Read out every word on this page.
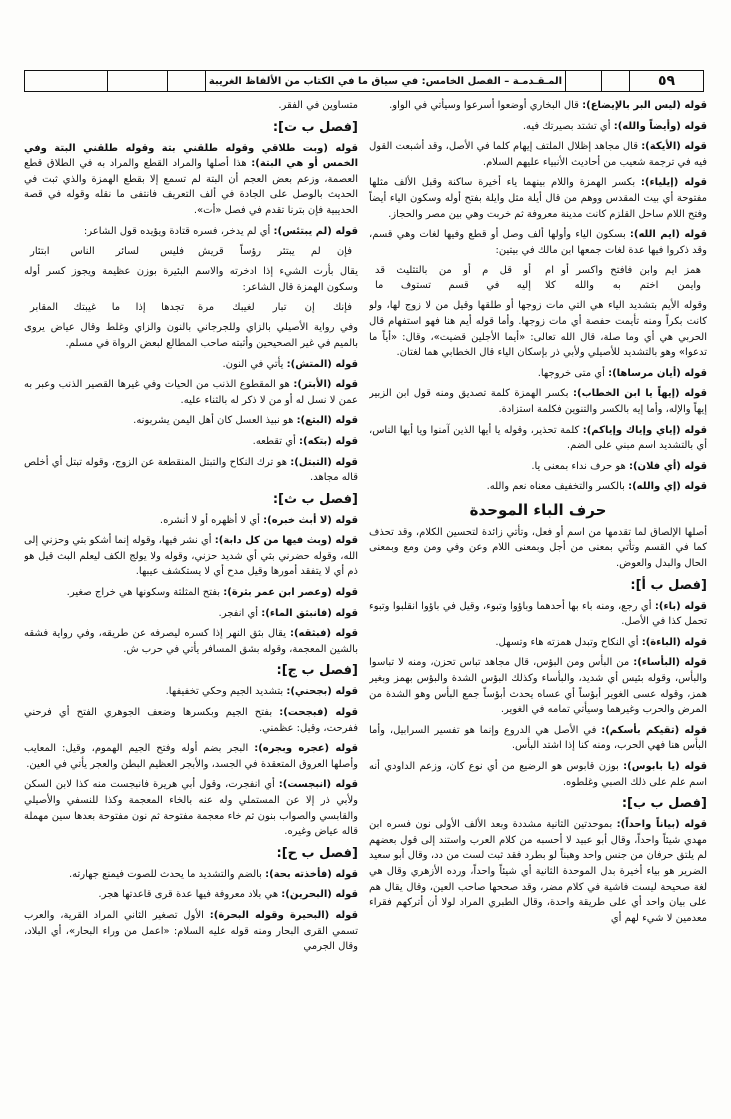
٥٩
المـقـدمـة – الفصل الخامس: في سياق ما في الكتاب من الألفاظ الغريبة

قوله (ليس البر بالإيضاع): قال البخاري أوضعوا أسرعوا وسيأتي في الواو.

قوله (وأيضاً والله): أي تشتد بصيرتك فيه.

قوله (الأيكة): قال مجاهد إظلال الملتف إيهام كلما في الأصل، وقد أشبعت القول فيه في ترجمة شعيب من أحاديث الأنبياء عليهم السلام.

قوله (إيلياء): بكسر الهمزة واللام بينهما ياء أخيرة ساكنة وقبل الألف مثلها مفتوحة أي بيت المقدس ووهم من قال أيلة مثل وايلة بفتح أوله وسكون الياء أيضاً وفتح اللام ساحل القلزم كانت مدينة معروفة ثم خربت وهي بين مصر والحجاز.

قوله (ايم الله): بسكون الياء وأولها ألف وصل أو قطع وفيها لغات وهي قسم، وقد ذكروا فيها عدة لغات جمعها ابن مالك في بيتين:

همز ايم وابن فافتح واكسر أو ام
أو قل م أو من بالتثليث قد
وايمن اختم به والله كلا
إليه في قسم تستوف ما

وقوله الأيم بتشديد الياء هي التي مات زوجها أو طلقها وقيل من لا زوج لها، ولو كانت بكراً ومنه تأيمت حفصة أي مات زوجها. وأما قوله أيم هنا فهو استفهام قال الحربي هي أي وما صلة، قال الله تعالى: «أيما الأجلين قضيت»، وقال: «أياً ما تدعوا» وهو بالتشديد للأصيلي ولأبي ذر بإسكان الياء قال الخطابي هما لغتان.

قوله (أيان مرساها): أي متى خروجها.

قوله (إيهاً يا ابن الخطاب): بكسر الهمزة كلمة تصديق ومنه قول ابن الزبير إيهاً والإله، وأما إيه بالكسر والتنوين فكلمة استزادة.

قوله (إياي وإياك وإياكم): كلمة تحذير، وقوله يا أيها الذين آمنوا ويا أيها الناس، أي بالتشديد اسم مبني على الضم.

قوله (أي فلان): هو حرف نداء بمعنى يا.

قوله (إي والله): بالكسر والتخفيف معناه نعم والله.

حرف الباء الموحدة

أصلها الإلصاق لما تقدمها من اسم أو فعل، وتأتي زائدة لتحسين الكلام، وقد تحذف كما في القسم وتأتي بمعنى من أجل وبمعنى اللام وعن وفي ومن ومع وبمعنى الحال والبدل والعوض.

[فصل ب أ]:

قوله (باء): أي رجع، ومنه باء بها أحدهما وباؤوا وتبوء، وقيل في باؤوا انقلبوا وتبوء تحمل كذا في الأصل.

قوله (الباءة): أي النكاح وتبدل همزته هاء وتسهل.

قوله (البأساء): من البأس ومن البؤس، قال مجاهد تباس تحزن، ومنه لا تباسوا والبأس، وقوله بئيس أي شديد، والبأساء وكذلك البؤس الشدة والبؤس بهمز وبغير همز، وقوله عسى الغوير أبؤساً أي عساه يحدث أبؤساً جمع البأس وهو الشدة من المرض والحرب وغيرهما وسيأتي تمامه في الغوير.

قوله (تقيكم بأسكم): في الأصل هي الدروع وإنما هو تفسير السرابيل، وأما البأس هنا فهي الحرب، ومنه كنا إذا اشتد البأس.

قوله (يا بابوس): بوزن قابوس هو الرضيع من أي نوع كان، وزعم الداودي أنه اسم علم على ذلك الصبي وغلطوه.

[فصل ب ب]:

قوله (بياناً واحداً): بموحدتين الثانية مشددة وبعد الألف الأولى نون فسره ابن مهدي شيئاً واحداً، وقال أبو عبيد لا أحسبه من كلام العرب واستند إلى قول بعضهم لم يلتق حرفان من جنس واحد وهبناً لو بطرد فقد ثبت لست من دد، وقال أبو سعيد الضرير هو بياء أخيرة بدل الموحدة الثانية أي شيئاً واحداً، ورده الأزهري وقال هي لغة صحيحة ليست فاشية في كلام مضر، وقد صححها صاحب العين، وقال يقال هم على بيان واحد أي على طريقة واحدة، وقال الطبري المراد لولا أن أتركهم فقراء معدمين لا شيء لهم أي

متساوين في الفقر.

[فصل ب ت]:

قوله (وبت طلاقي وقوله طلقني بتة وقوله طلقني البتة وفي الخمس أو هي البتة): هذا أصلها والمراد القطع والمراد به في الطلاق قطع العصمة، وزعم بعض العجم أن البتة لم تسمع إلا بقطع الهمزة والذي ثبت في الحديث بالوصل على الجادة في ألف التعريف فانتفى ما نقله وقوله في قصة الحديبية فإن بترنا تقدم في فصل «أت».

قوله (لم يبتئس): أي لم يدخر، فسره قتادة ويؤيده قول الشاعر:

فإن لم يبتئر رؤساً قريش
فليس لسائر الناس ابتئار

يقال بأرت الشيء إذا ادخرته والاسم البئيرة بوزن عظيمة ويجوز كسر أوله وسكون الهمزة قال الشاعر:

فإنك إن تبار لغيبك مرة
تجدها إذا ما غيبتك المقابر

وفي رواية الأصيلي بالزاي وللجرجاني بالنون والزاي وغلط وقال عياض يروى بالميم في غير الصحيحين وأثبته صاحب المطالع لبعض الرواة في مسلم.

قوله (المتش): يأتي في النون.

قوله (الأبتر): هو المقطوع الذنب من الحيات وفي غيرها القصير الذنب وعبر به عمن لا نسل له أو من لا ذكر له بالثناء عليه.

قوله (البتع): هو نبيذ العسل كان أهل اليمن يشربونه.

قوله (بتكه): أي تقطعه.

قوله (التبتل): هو ترك النكاح والتبتل المنقطعة عن الزوج، وقوله تبتل أي أخلص قاله مجاهد.

[فصل ب ث]:

قوله (لا أبث خبره): أي لا أظهره أو لا أنشره.

قوله (وبث فيها من كل دابة): أي نشر فيها، وقوله إنما أشكو بثي وحزني إلى الله، وقوله حضرني بثي أي شديد حزني، وقوله ولا يولج الكف ليعلم البث قيل هو ذم أي لا يتفقد أمورها وقيل مدح أي لا يستكشف عيبها.

قوله (وعصر ابن عمر بثرة): بفتح المثلثة وسكونها هي خراج صغير.

قوله (فانبثق الماء): أي انفجر.

قوله (فبثقه): يقال بثق النهر إذا كسره ليصرفه عن طريقه، وفي رواية فشقه بالشين المعجمة، وقوله بشق المسافر يأتي في حرب ش.

[فصل ب ج]:

قوله (بجحني): بتشديد الجيم وحكي تخفيفها.

قوله (فبجحت): بفتح الجيم وبكسرها وضعف الجوهري الفتح أي فرحني ففرحت، وقيل: عظمني.

قوله (عجره وبجره): البجر بضم أوله وفتح الجيم الهموم، وقيل: المعايب وأصلها العروق المتعقدة في الجسد، والأبجر العظيم البطن والعجر يأتي في العين.

قوله (انبجست): أي انفجرت، وقول أبي هريرة فانبجست منه كذا لابن السكن ولأبي ذر إلا عن المستملي وله عنه بالخاء المعجمة وكذا للنسفي والأصيلي والقابسي والصواب بنون ثم خاء معجمة مفتوحة ثم نون مفتوحة بعدها سين مهملة قاله عياض وغيره.

[فصل ب ح]:

قوله (فأخذته بحة): بالضم والتشديد ما يحدث للصوت فيمنع جهارته.

قوله (البحرين): هي بلاد معروفة فيها عدة قرى قاعدتها هجر.

قوله (البحيرة وقوله البحرة): الأول تصغير الثاني المراد القرية، والعرب تسمي القرى البحار ومنه قوله عليه السلام: «اعمل من وراء البحار»، أي البلاد، وقال الجرمي
